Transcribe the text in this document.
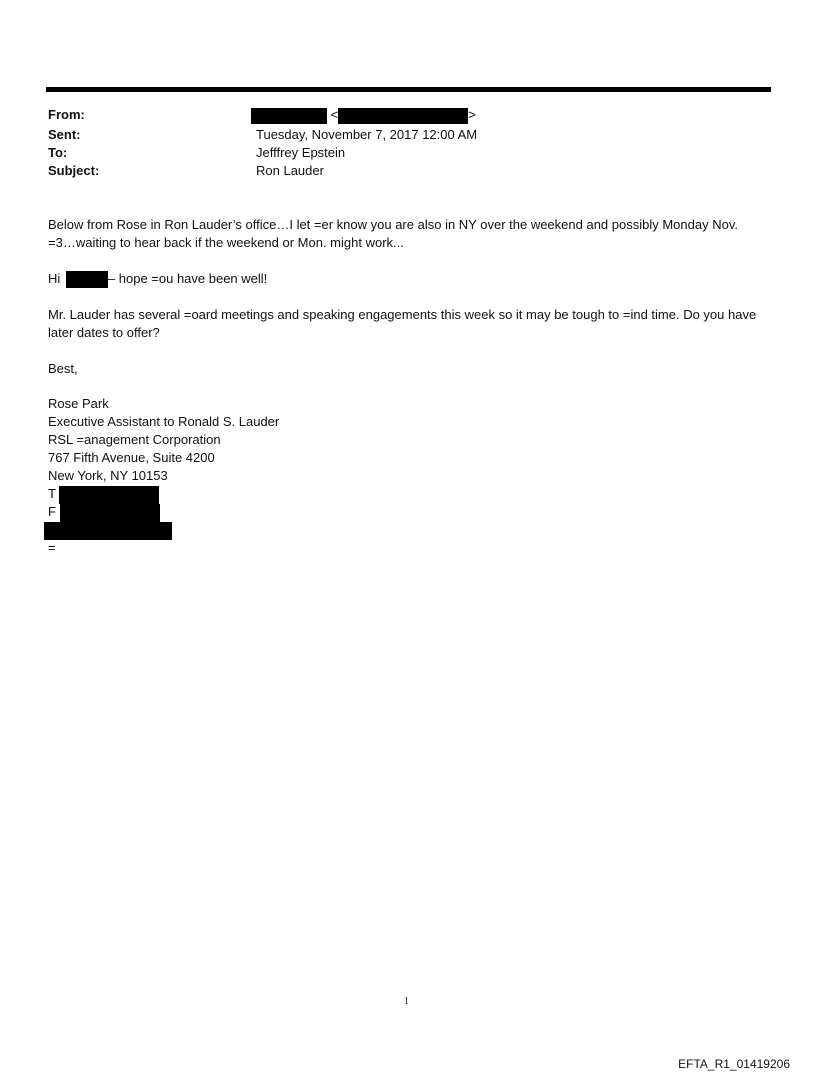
From:	<	>
Sent:	Tuesday, November 7, 2017 12:00 AM
To:	Jefffrey Epstein
Subject:	Ron Lauder

Below from Rose in Ron Lauder’s office…I let =er know you are also in NY over the weekend and possibly Monday Nov. =3…waiting to hear back if the weekend or Mon. might work...

Hi	– hope =ou have been well!

Mr. Lauder has several =oard meetings and speaking engagements this week so it may be tough to =ind time. Do you have later dates to offer?

Best,

Rose Park
Executive Assistant to Ronald S. Lauder
RSL =anagement Corporation
767 Fifth Avenue, Suite 4200
New York, NY 10153
T
F
=
1
EFTA_R1_01419206
